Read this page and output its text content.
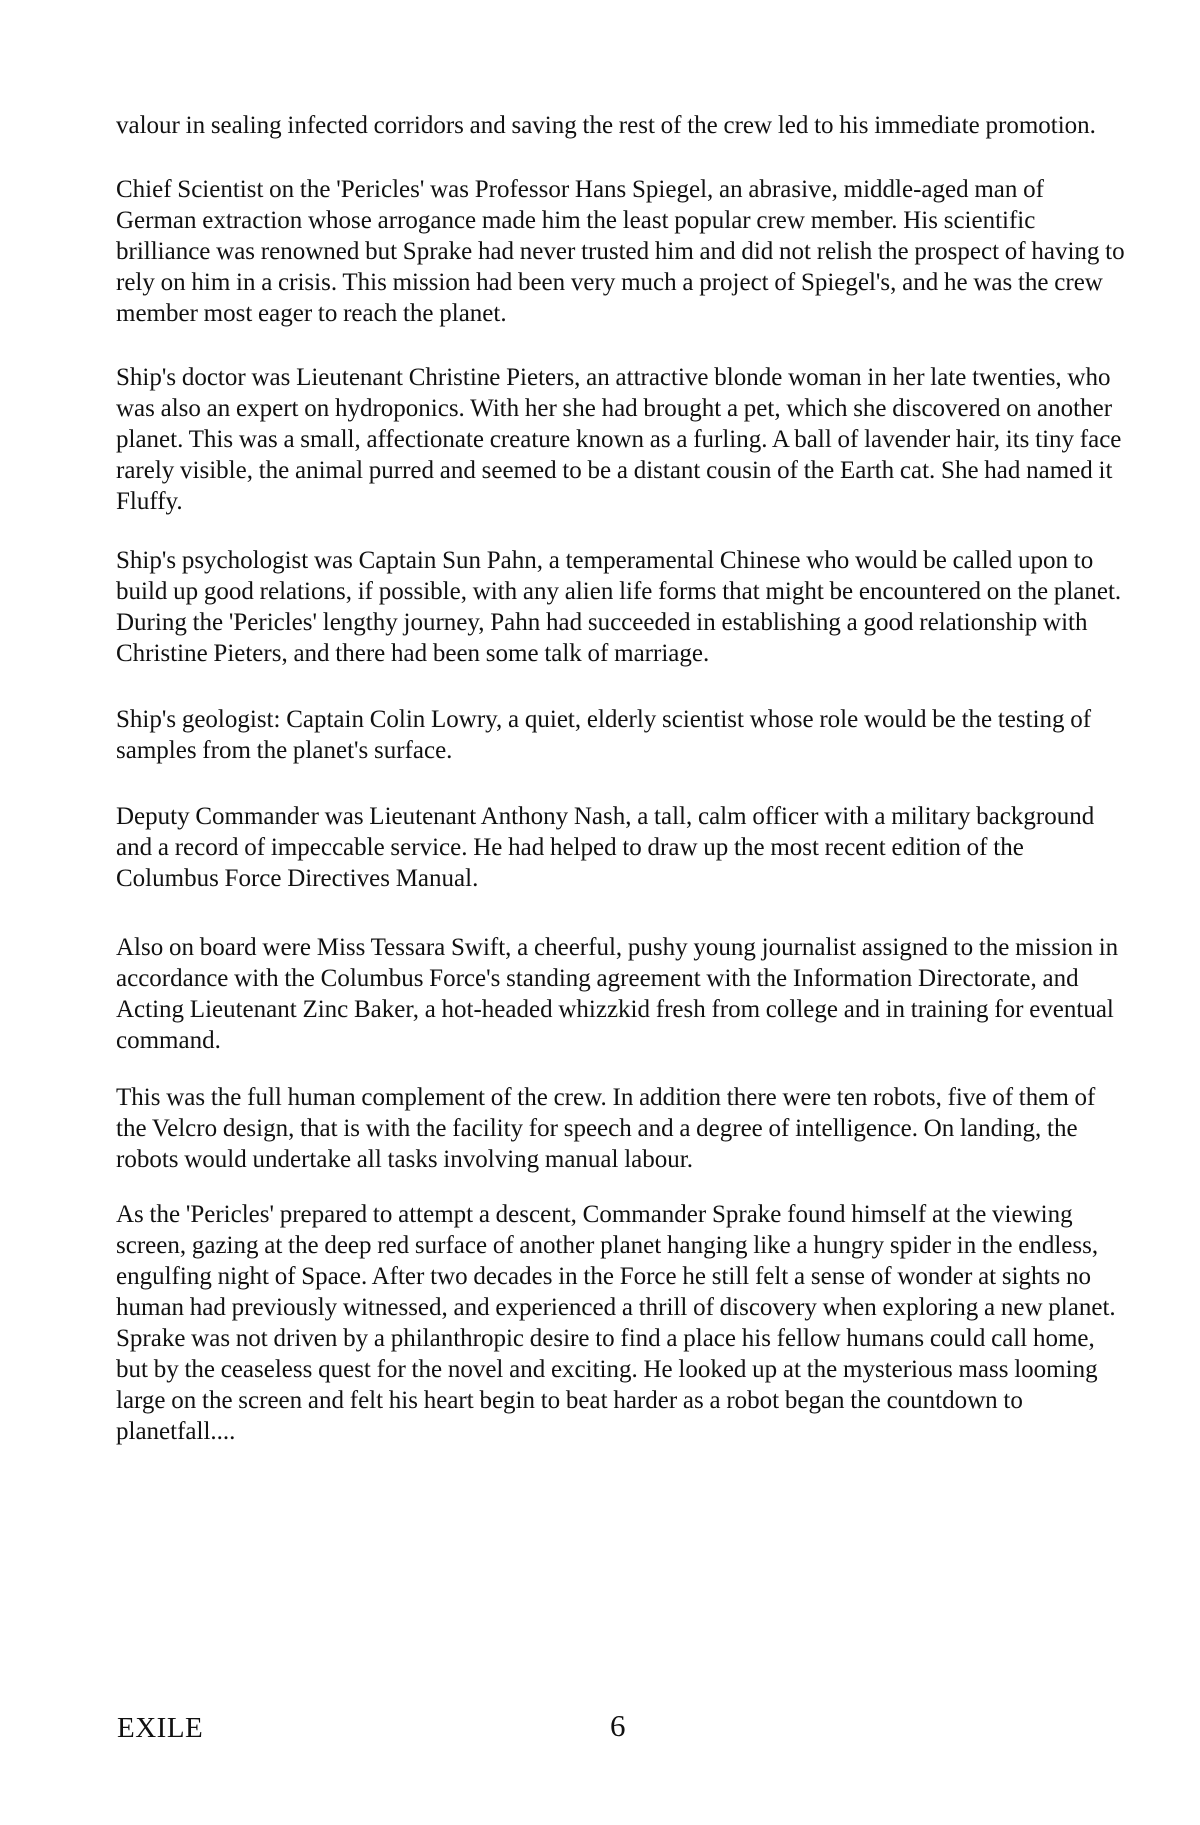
valour in sealing infected corridors and saving the rest of the crew led to his immediate promotion.

Chief Scientist on the 'Pericles' was Professor Hans Spiegel, an abrasive, middle-aged man of German extraction whose arrogance made him the least popular crew member. His scientific brilliance was renowned but Sprake had never trusted him and did not relish the prospect of having to rely on him in a crisis. This mission had been very much a project of Spiegel's, and he was the crew member most eager to reach the planet.

Ship's doctor was Lieutenant Christine Pieters, an attractive blonde woman in her late twenties, who was also an expert on hydroponics. With her she had brought a pet, which she discovered on another planet. This was a small, affectionate creature known as a furling. A ball of lavender hair, its tiny face rarely visible, the animal purred and seemed to be a distant cousin of the Earth cat. She had named it Fluffy.

Ship's psychologist was Captain Sun Pahn, a temperamental Chinese who would be called upon to build up good relations, if possible, with any alien life forms that might be encountered on the planet. During the 'Pericles' lengthy journey, Pahn had succeeded in establishing a good relationship with Christine Pieters, and there had been some talk of marriage.

Ship's geologist: Captain Colin Lowry, a quiet, elderly scientist whose role would be the testing of samples from the planet's surface.

Deputy Commander was Lieutenant Anthony Nash, a tall, calm officer with a military background and a record of impeccable service. He had helped to draw up the most recent edition of the Columbus Force Directives Manual.

Also on board were Miss Tessara Swift, a cheerful, pushy young journalist assigned to the mission in accordance with the Columbus Force's standing agreement with the Information Directorate, and Acting Lieutenant Zinc Baker, a hot-headed whizzkid fresh from college and in training for eventual command.

This was the full human complement of the crew. In addition there were ten robots, five of them of the Velcro design, that is with the facility for speech and a degree of intelligence. On landing, the robots would undertake all tasks involving manual labour.

As the 'Pericles' prepared to attempt a descent, Commander Sprake found himself at the viewing screen, gazing at the deep red surface of another planet hanging like a hungry spider in the endless, engulfing night of Space. After two decades in the Force he still felt a sense of wonder at sights no human had previously witnessed, and experienced a thrill of discovery when exploring a new planet. Sprake was not driven by a philanthropic desire to find a place his fellow humans could call home, but by the ceaseless quest for the novel and exciting. He looked up at the mysterious mass looming large on the screen and felt his heart begin to beat harder as a robot began the countdown to planetfall....

EXILE	6
